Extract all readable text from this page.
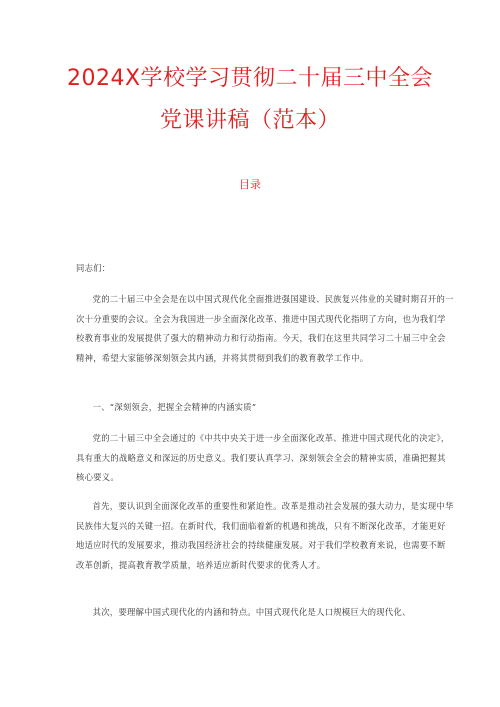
2024X学校学习贯彻二十届三中全会
党课讲稿（范本）
目录
同志们：
党的二十届三中全会是在以中国式现代化全面推进强国建设、民族复兴伟业的关键时期召开的一次十分重要的会议。全会为我国进一步全面深化改革、推进中国式现代化指明了方向，也为我们学校教育事业的发展提供了强大的精神动力和行动指南。今天，我们在这里共同学习二十届三中全会精神，希望大家能够深刻领会其内涵，并将其贯彻到我们的教育教学工作中。
一、“深刻领会，把握全会精神的内涵实质”
党的二十届三中全会通过的《中共中央关于进一步全面深化改革、推进中国式现代化的决定》，具有重大的战略意义和深远的历史意义。我们要认真学习、深刻领会全会的精神实质，准确把握其核心要义。
首先，要认识到全面深化改革的重要性和紧迫性。改革是推动社会发展的强大动力，是实现中华民族伟大复兴的关键一招。在新时代，我们面临着新的机遇和挑战，只有不断深化改革，才能更好地适应时代的发展要求，推动我国经济社会的持续健康发展。对于我们学校教育来说，也需要不断改革创新，提高教育教学质量，培养适应新时代要求的优秀人才。
其次，要理解中国式现代化的内涵和特点。中国式现代化是人口规模巨大的现代化、
